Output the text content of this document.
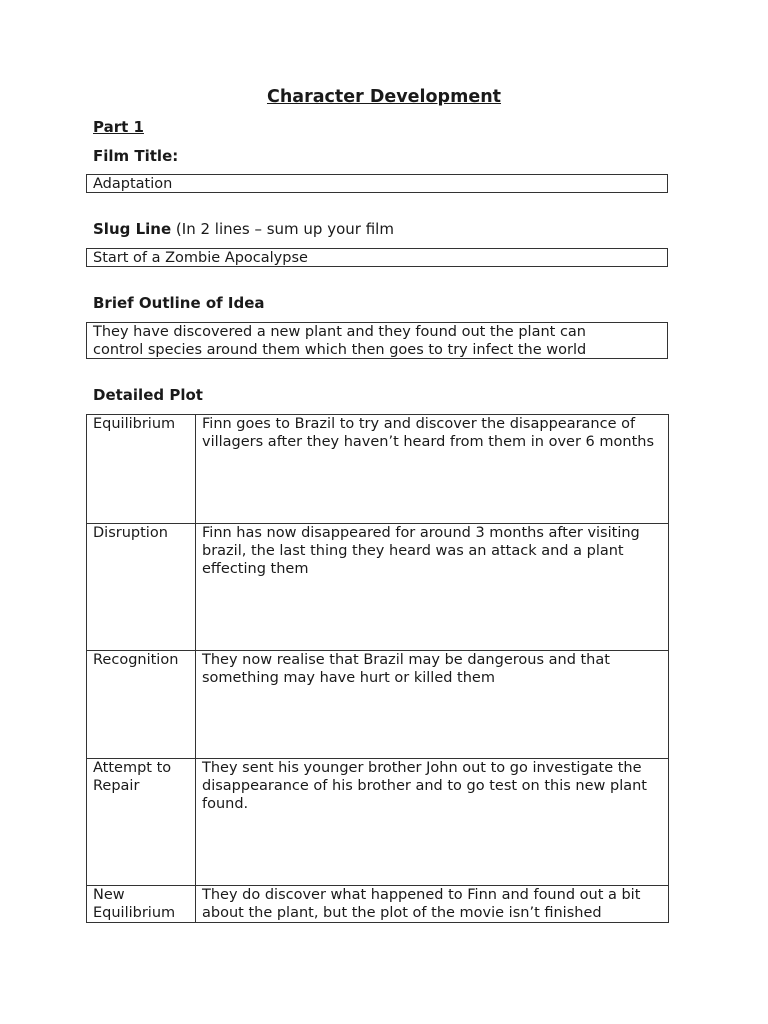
Character Development
Part 1
Film Title:
Adaptation
Slug Line (In 2 lines – sum up your film
Start of a Zombie Apocalypse
Brief Outline of Idea
They have discovered a new plant and they found out the plant can
control species around them which then goes to try infect the world
Detailed Plot
Equilibrium	Finn goes to Brazil to try and discover the disappearance of villagers after they haven’t heard from them in over 6 months
Disruption	Finn has now disappeared for around 3 months after visiting brazil, the last thing they heard was an attack and a plant effecting them
Recognition	They now realise that Brazil may be dangerous and that something may have hurt or killed them
Attempt to Repair	They sent his younger brother John out to go investigate the disappearance of his brother and to go test on this new plant found.
New Equilibrium	They do discover what happened to Finn and found out a bit about the plant, but the plot of the movie isn’t finished
